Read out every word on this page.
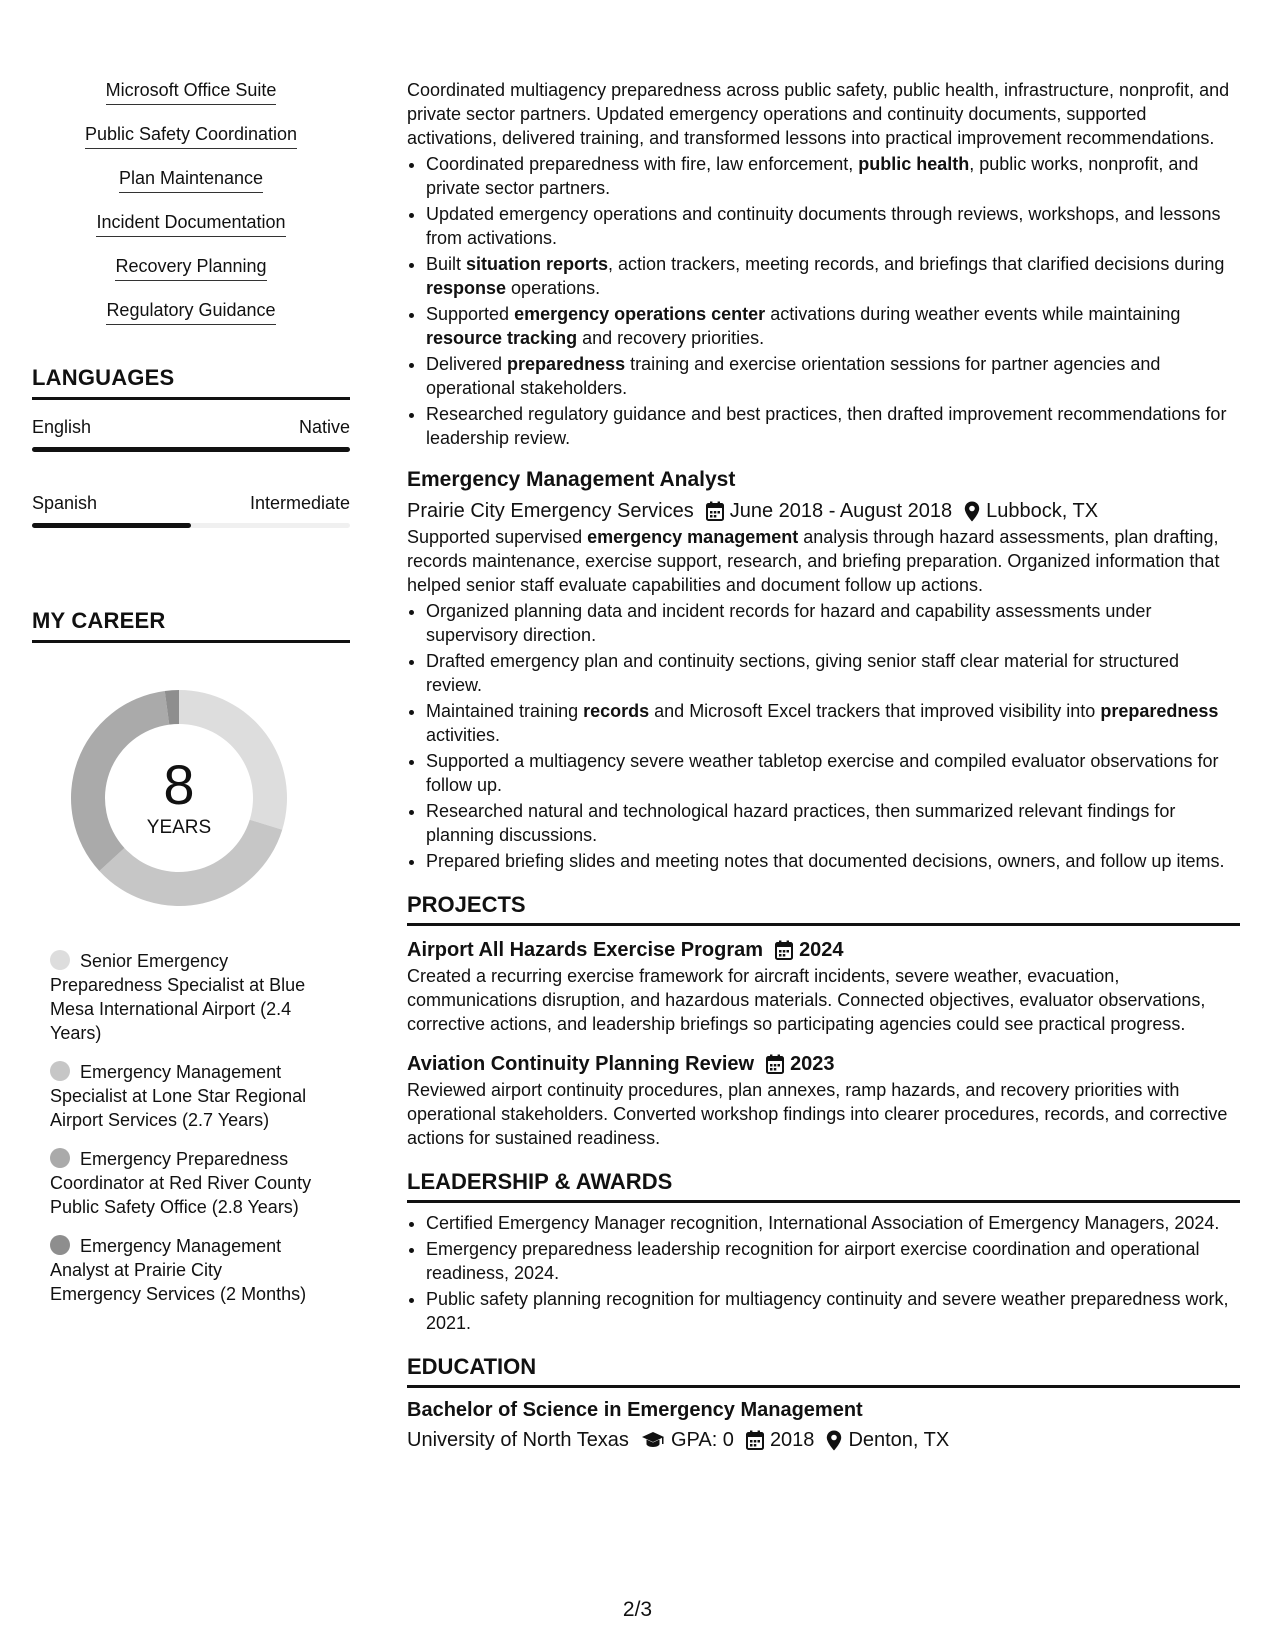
Microsoft Office Suite
Public Safety Coordination
Plan Maintenance
Incident Documentation
Recovery Planning
Regulatory Guidance
LANGUAGES
English	Native
Spanish	Intermediate
MY CAREER
8
YEARS
Senior Emergency Preparedness Specialist at Blue Mesa International Airport (2.4 Years)
Emergency Management Specialist at Lone Star Regional Airport Services (2.7 Years)
Emergency Preparedness Coordinator at Red River County Public Safety Office (2.8 Years)
Emergency Management Analyst at Prairie City Emergency Services (2 Months)

Coordinated multiagency preparedness across public safety, public health, infrastructure, nonprofit, and private sector partners. Updated emergency operations and continuity documents, supported activations, delivered training, and transformed lessons into practical improvement recommendations.

• Coordinated preparedness with fire, law enforcement, public health, public works, nonprofit, and private sector partners.
• Updated emergency operations and continuity documents through reviews, workshops, and lessons from activations.
• Built situation reports, action trackers, meeting records, and briefings that clarified decisions during response operations.
• Supported emergency operations center activations during weather events while maintaining resource tracking and recovery priorities.
• Delivered preparedness training and exercise orientation sessions for partner agencies and operational stakeholders.
• Researched regulatory guidance and best practices, then drafted improvement recommendations for leadership review.
Emergency Management Analyst
Prairie City Emergency Services June 2018 - August 2018 Lubbock, TX

Supported supervised emergency management analysis through hazard assessments, plan drafting, records maintenance, exercise support, research, and briefing preparation. Organized information that helped senior staff evaluate capabilities and document follow up actions.

• Organized planning data and incident records for hazard and capability assessments under supervisory direction.
• Drafted emergency plan and continuity sections, giving senior staff clear material for structured review.
• Maintained training records and Microsoft Excel trackers that improved visibility into preparedness activities.
• Supported a multiagency severe weather tabletop exercise and compiled evaluator observations for follow up.
• Researched natural and technological hazard practices, then summarized relevant findings for planning discussions.
• Prepared briefing slides and meeting notes that documented decisions, owners, and follow up items.
PROJECTS
Airport All Hazards Exercise Program 2024

Created a recurring exercise framework for aircraft incidents, severe weather, evacuation, communications disruption, and hazardous materials. Connected objectives, evaluator observations, corrective actions, and leadership briefings so participating agencies could see practical progress.

Aviation Continuity Planning Review 2023

Reviewed airport continuity procedures, plan annexes, ramp hazards, and recovery priorities with operational stakeholders. Converted workshop findings into clearer procedures, records, and corrective actions for sustained readiness.

LEADERSHIP & AWARDS
• Certified Emergency Manager recognition, International Association of Emergency Managers, 2024.
• Emergency preparedness leadership recognition for airport exercise coordination and operational readiness, 2024.
• Public safety planning recognition for multiagency continuity and severe weather preparedness work, 2021.
EDUCATION
Bachelor of Science in Emergency Management
University of North Texas GPA: 0 2018 Denton, TX
2/3
